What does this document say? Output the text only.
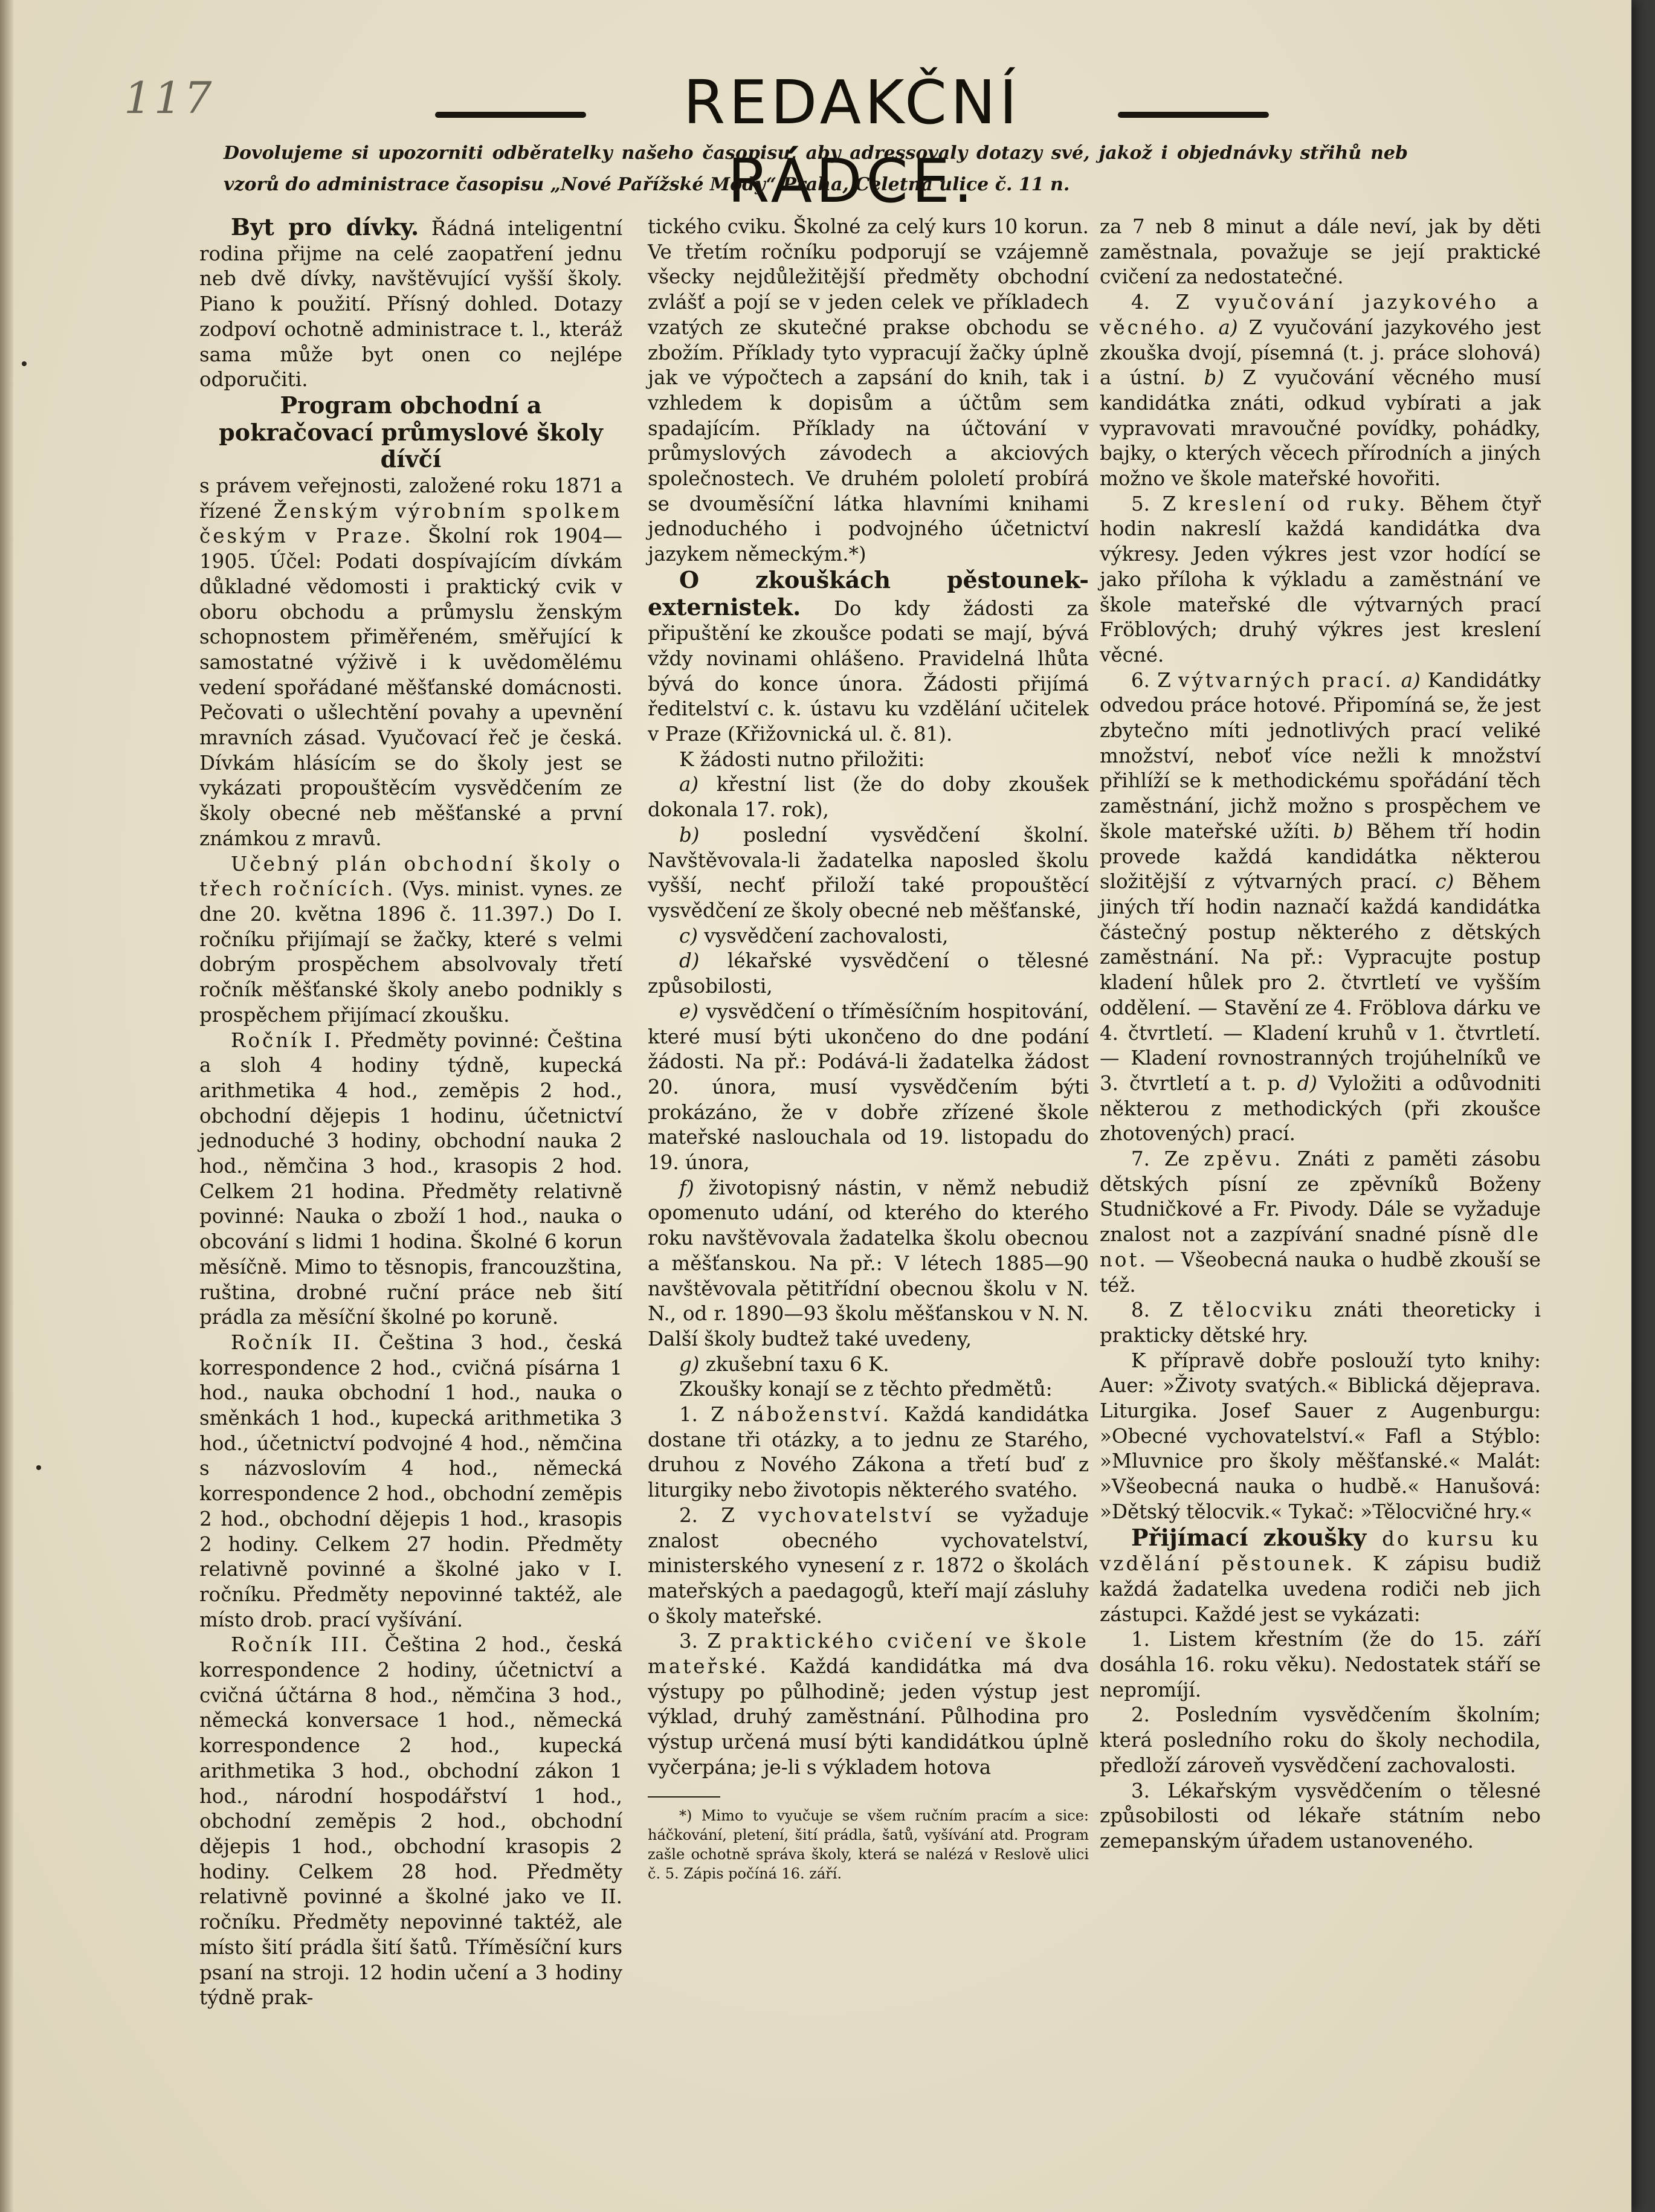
117	REDAKČNÍ RÁDCE.
Dovolujeme si upozorniti odběratelky našeho časopisu, aby adressovaly dotazy své, jakož i objednávky střihů neb vzorů do administrace časopisu „Nové Pařížské Mody“ Praha, Celetná ulice č. 11 n.

Byt pro dívky. Řádná inteligentní rodina přijme na celé zaopatření jednu neb dvě dívky, navštěvující vyšší školy. Piano k použití. Přísný dohled. Dotazy zodpoví ochotně administrace t. l., kteráž sama může byt onen co nejlépe odporučiti.

Program obchodní a pokračovací průmyslové školy dívčí

s právem veřejnosti, založené roku 1871 a řízené Ženským výrobním spolkem českým v Praze. Školní rok 1904—1905. Účel: Podati dospívajícím dívkám důkladné vědomosti i praktický cvik v oboru obchodu a průmyslu ženským schopnostem přiměřeném, směřující k samostatné výživě i k uvědomělému vedení spořádané měšťanské domácnosti. Pečovati o ušlechtění povahy a upevnění mravních zásad. Vyučovací řeč je česká. Dívkám hlásícím se do školy jest se vykázati propouštěcím vysvědčením ze školy obecné neb měšťanské a první známkou z mravů.

Učebný plán obchodní školy o třech ročnících. (Vys. minist. vynes. ze dne 20. května 1896 č. 11.397.) Do I. ročníku přijímají se žačky, které s velmi dobrým prospěchem absolvovaly třetí ročník měšťanské školy anebo podnikly s prospěchem přijímací zkoušku.

Ročník I. Předměty povinné: Čeština a sloh 4 hodiny týdně, kupecká arithmetika 4 hod., zeměpis 2 hod., obchodní dějepis 1 hodinu, účetnictví jednoduché 3 hodiny, obchodní nauka 2 hod., němčina 3 hod., krasopis 2 hod. Celkem 21 hodina. Předměty relativně povinné: Nauka o zboží 1 hod., nauka o obcování s lidmi 1 hodina. Školné 6 korun měsíčně. Mimo to těsnopis, francouzština, ruština, drobné ruční práce neb šití prádla za měsíční školné po koruně.

Ročník II. Čeština 3 hod., česká korrespondence 2 hod., cvičná písárna 1 hod., nauka obchodní 1 hod., nauka o směnkách 1 hod., kupecká arithmetika 3 hod., účetnictví podvojné 4 hod., němčina s názvoslovím 4 hod., německá korrespondence 2 hod., obchodní zeměpis 2 hod., obchodní dějepis 1 hod., krasopis 2 hodiny. Celkem 27 hodin. Předměty relativně povinné a školné jako v I. ročníku. Předměty nepovinné taktéž, ale místo drob. prací vyšívání.

Ročník III. Čeština 2 hod., česká korrespondence 2 hodiny, účetnictví a cvičná účtárna 8 hod., němčina 3 hod., německá konversace 1 hod., německá korrespondence 2 hod., kupecká arithmetika 3 hod., obchodní zákon 1 hod., národní hospodářství 1 hod., obchodní zeměpis 2 hod., obchodní dějepis 1 hod., obchodní krasopis 2 hodiny. Celkem 28 hod. Předměty relativně povinné a školné jako ve II. ročníku. Předměty nepovinné taktéž, ale místo šití prádla šití šatů. Tříměsíční kurs psaní na stroji. 12 hodin učení a 3 hodiny týdně prak-

tického cviku. Školné za celý kurs 10 korun. Ve třetím ročníku podporují se vzájemně všecky nejdůležitější předměty obchodní zvlášť a pojí se v jeden celek ve příkladech vzatých ze skutečné prakse obchodu se zbožím. Příklady tyto vypracují žačky úplně jak ve výpočtech a zapsání do knih, tak i vzhledem k dopisům a účtům sem spadajícím. Příklady na účtování v průmyslových závodech a akciových společnostech. Ve druhém pololetí probírá se dvouměsíční látka hlavními knihami jednoduchého i podvojného účetnictví jazykem německým.*)

O zkouškách pěstounek-externistek. Do kdy žádosti za připuštění ke zkoušce podati se mají, bývá vždy novinami ohlášeno. Pravidelná lhůta bývá do konce února. Žádosti přijímá ředitelství c. k. ústavu ku vzdělání učitelek v Praze (Křižovnická ul. č. 81).

K žádosti nutno přiložiti:

a) křestní list (že do doby zkoušek dokonala 17. rok),

b) poslední vysvědčení školní. Navštěvovala-li žadatelka naposled školu vyšší, nechť přiloží také propouštěcí vysvědčení ze školy obecné neb měšťanské,

c) vysvědčení zachovalosti,

d) lékařské vysvědčení o tělesné způsobilosti,

e) vysvědčení o tříměsíčním hospitování, které musí býti ukončeno do dne podání žádosti. Na př.: Podává-li žadatelka žádost 20. února, musí vysvědčením býti prokázáno, že v dobře zřízené škole mateřské naslouchala od 19. listopadu do 19. února,

f) životopisný nástin, v němž nebudiž opomenuto udání, od kterého do kterého roku navštěvovala žadatelka školu obecnou a měšťanskou. Na př.: V létech 1885—90 navštěvovala pětitřídní obecnou školu v N. N., od r. 1890—93 školu měšťanskou v N. N. Další školy budtež také uvedeny,

g) zkušební taxu 6 K.

Zkoušky konají se z těchto předmětů:

1. Z náboženství. Každá kandidátka dostane tři otázky, a to jednu ze Starého, druhou z Nového Zákona a třetí buď z liturgiky nebo životopis některého svatého.

2. Z vychovatelství se vyžaduje znalost obecného vychovatelství, ministerského vynesení z r. 1872 o školách mateřských a paedagogů, kteří mají zásluhy o školy mateřské.

3. Z praktického cvičení ve škole mateřské. Každá kandidátka má dva výstupy po půlhodině; jeden výstup jest výklad, druhý zaměstnání. Půlhodina pro výstup určená musí býti kandidátkou úplně vyčerpána; je-li s výkladem hotova

*) Mimo to vyučuje se všem ručním pracím a sice: háčkování, pletení, šití prádla, šatů, vyšívání atd. Program zašle ochotně správa školy, která se nalézá v Reslově ulici č. 5. Zápis počíná 16. září.

za 7 neb 8 minut a dále neví, jak by děti zaměstnala, považuje se její praktické cvičení za nedostatečné.

4. Z vyučování jazykového a věcného. a) Z vyučování jazykového jest zkouška dvojí, písemná (t. j. práce slohová) a ústní. b) Z vyučování věcného musí kandidátka znáti, odkud vybírati a jak vypravovati mravoučné povídky, pohádky, bajky, o kterých věcech přírodních a jiných možno ve škole mateřské hovořiti.

5. Z kreslení od ruky. Během čtyř hodin nakreslí každá kandidátka dva výkresy. Jeden výkres jest vzor hodící se jako příloha k výkladu a zaměstnání ve škole mateřské dle výtvarných prací Fröblových; druhý výkres jest kreslení věcné.

6. Z výtvarných prací. a) Kandidátky odvedou práce hotové. Připomíná se, že jest zbytečno míti jednotlivých prací veliké množství, neboť více nežli k množství přihlíží se k methodickému spořádání těch zaměstnání, jichž možno s prospěchem ve škole mateřské užíti. b) Během tří hodin provede každá kandidátka některou složitější z výtvarných prací. c) Během jiných tří hodin naznačí každá kandidátka částečný postup některého z dětských zaměstnání. Na př.: Vypracujte postup kladení hůlek pro 2. čtvrtletí ve vyšším oddělení. — Stavění ze 4. Fröblova dárku ve 4. čtvrtletí. — Kladení kruhů v 1. čtvrtletí. — Kladení rovnostranných trojúhelníků ve 3. čtvrtletí a t. p. d) Vyložiti a odůvodniti některou z methodických (při zkoušce zhotovených) prací.

7. Ze zpěvu. Znáti z paměti zásobu dětských písní ze zpěvníků Boženy Studničkové a Fr. Pivody. Dále se vyžaduje znalost not a zazpívání snadné písně dle not. — Všeobecná nauka o hudbě zkouší se též.

8. Z tělocviku znáti theoreticky i prakticky dětské hry.

K přípravě dobře poslouží tyto knihy: Auer: »Životy svatých.« Biblická dějeprava. Liturgika. Josef Sauer z Augenburgu: »Obecné vychovatelství.« Fafl a Stýblo: »Mluvnice pro školy měšťanské.« Malát: »Všeobecná nauka o hudbě.« Hanušová: »Dětský tělocvik.« Tykač: »Tělocvičné hry.«

Přijímací zkoušky do kursu ku vzdělání pěstounek. K zápisu budiž každá žadatelka uvedena rodiči neb jich zástupci. Každé jest se vykázati:

1. Listem křestním (že do 15. září dosáhla 16. roku věku). Nedostatek stáří se nepromíjí.

2. Posledním vysvědčením školním; která posledního roku do školy nechodila, předloží zároveň vysvědčení zachovalosti.

3. Lékařským vysvědčením o tělesné způsobilosti od lékaře státním nebo zemepanským úřadem ustanoveného.
